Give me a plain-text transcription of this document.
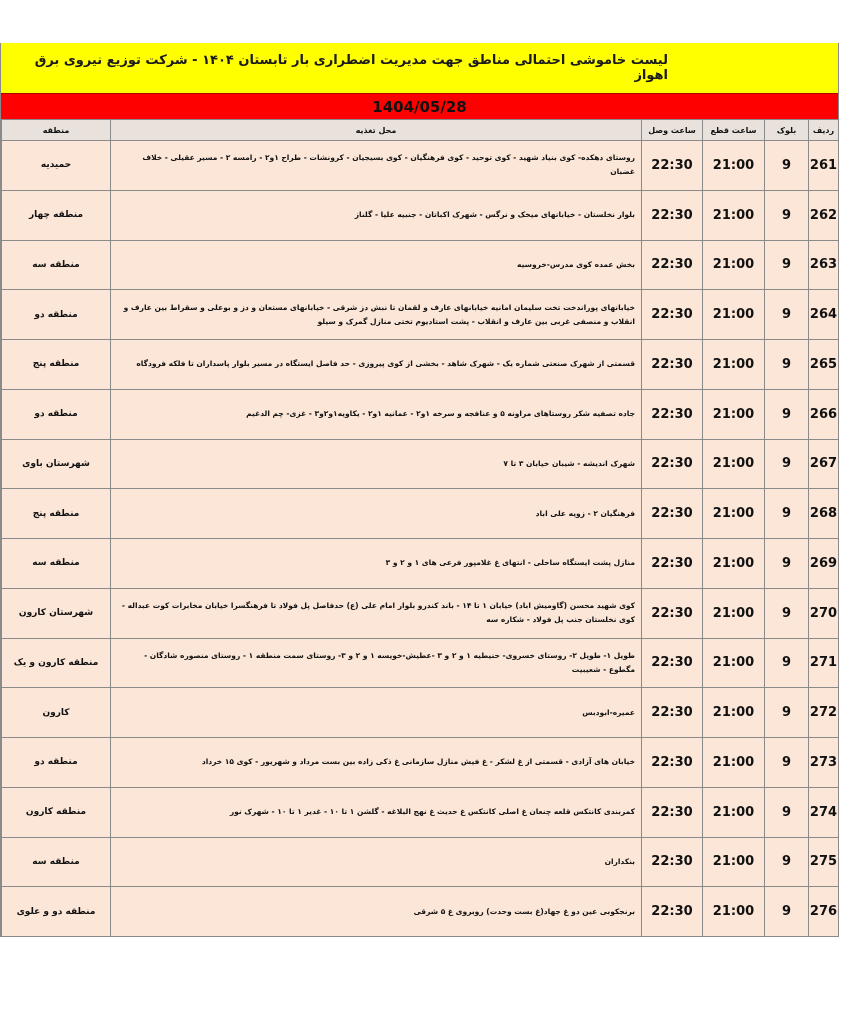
لیست خاموشی احتمالی مناطق جهت مدیریت اضطراری بار تابستان ۱۴۰۴ - شرکت توزیع نیروی برق اهواز
1404/05/28
ردیف	بلوک	ساعت قطع	ساعت وصل	محل تغذیه	منطقه
261	9	21:00	22:30	روستای دهکده- کوی بنیاد شهید - کوی توحید - کوی فرهنگیان - کوی بسیجیان - کرونشات - طراح ۱و۲ - رامسه ۲ - مسیر عقیلی - خلاف غضبان	حمیدیه
262	9	21:00	22:30	بلوار نخلستان - خیابانهای میخک و نرگس - شهرک اکباتان - جنبیه علیا - گلناز	منطقه چهار
263	9	21:00	22:30	بخش عمده کوی مدرس-خروسیه	منطقه سه
264	9	21:00	22:30	خیابانهای پوراندخت تخت سلیمان امانیه خیابانهای عارف و لقمان تا نبش دز شرقی - خیابانهای مستعان و دز و بوعلی و سقراط بین عارف و انقلاب و منصفی غربی بین عارف و انقلاب - پشت استادیوم تختی منازل گمرک و سیلو	منطقه دو
265	9	21:00	22:30	قسمتی از شهرک صنعتی شماره یک - شهرک شاهد - بخشی از کوی پیروزی - حد فاصل ایستگاه در مسیر بلوار پاسداران تا فلکه فرودگاه	منطقه پنج
266	9	21:00	22:30	جاده تصفیه شکر روستاهای مراونه ۵ و عنافجه و سرخه ۱و۲ - عمانیه ۱و۲ - یکاویه۱و۲و۳ - غزی- چم الدغیم	منطقه دو
267	9	21:00	22:30	شهرک اندیشه - شیبان خیابان ۳ تا ۷	شهرستان باوی
268	9	21:00	22:30	فرهنگیان ۲ - زویه علی اباد	منطقه پنج
269	9	21:00	22:30	منازل پشت ایستگاه ساحلی - انتهای غ غلامپور فرعی های ۱ و ۲ و ۳	منطقه سه
270	9	21:00	22:30	کوی شهید محسن (گاومیش اباد) خیابان ۱ تا ۱۴ - باند کندرو بلوار امام علی (ع) حدفاصل پل فولاد تا فرهنگسرا خیابان مخابرات کوت عبداله - کوی نخلستان جنب پل فولاد - شکاره سه	شهرستان کارون
271	9	21:00	22:30	طویل ۱- طویل ۲- روستای خسروی- حنیطیه ۱ و ۲ و ۳ -عطیش-خویسه ۱ و ۲ و ۳- روستای سمت منطقه ۱ - روستای منصوره شادگان - مگطوع - شعیبیت	منطقه کارون و یک
272	9	21:00	22:30	عمیره-ابودبس	کارون
273	9	21:00	22:30	خیابان های آزادی - قسمتی از غ لشکر - غ فیش منازل سازمانی غ ذکی زاده بین بست مرداد و شهریور - کوی ۱۵ خرداد	منطقه دو
274	9	21:00	22:30	کمربندی کانتکس قلعه چنعان غ اصلی کانتکس غ حدیث غ نهج البلاغه - گلشن ۱ تا ۱۰ - غدیر ۱ تا ۱۰ - شهرک نور	منطقه کارون
275	9	21:00	22:30	بنکداران	منطقه سه
276	9	21:00	22:30	برنجکوبی عین دو غ جهاد(غ بست وحدت) روبروی غ ۵ شرقی	منطقه دو و علوی
